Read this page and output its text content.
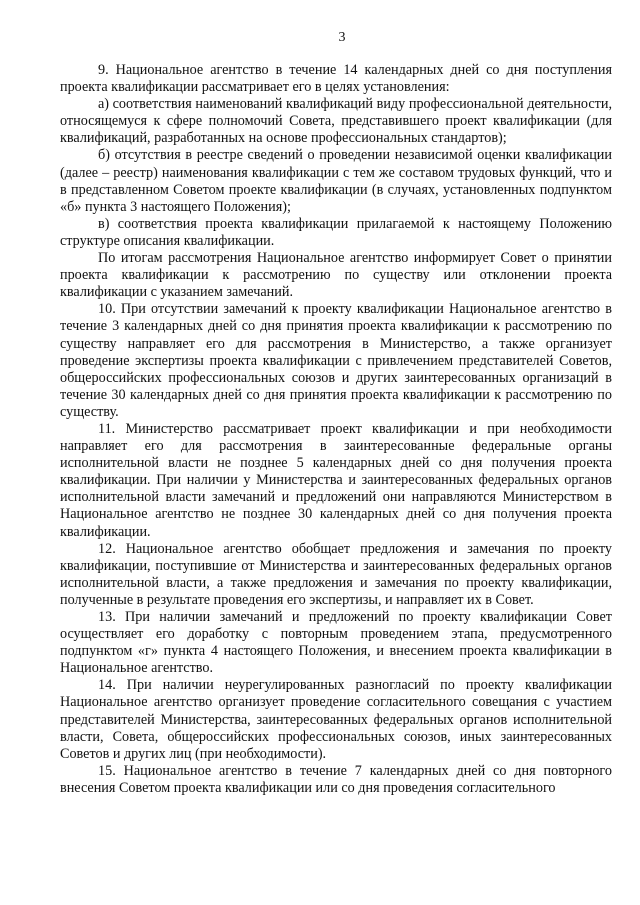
3

9. Национальное агентство в течение 14 календарных дней со дня поступления проекта квалификации рассматривает его в целях установления:

а) соответствия наименований квалификаций виду профессиональной деятельности, относящемуся к сфере полномочий Совета, представившего проект квалификации (для квалификаций, разработанных на основе профессиональных стандартов);

б) отсутствия в реестре сведений о проведении независимой оценки квалификации (далее – реестр) наименования квалификации с тем же составом трудовых функций, что и в представленном Советом проекте квалификации (в случаях, установленных подпунктом «б» пункта 3 настоящего Положения);

в) соответствия проекта квалификации прилагаемой к настоящему Положению структуре описания квалификации.

По итогам рассмотрения Национальное агентство информирует Совет о принятии проекта квалификации к рассмотрению по существу или отклонении проекта квалификации с указанием замечаний.

10. При отсутствии замечаний к проекту квалификации Национальное агентство в течение 3 календарных дней со дня принятия проекта квалификации к рассмотрению по существу направляет его для рассмотрения в Министерство, а также организует проведение экспертизы проекта квалификации с привлечением представителей Советов, общероссийских профессиональных союзов и других заинтересованных организаций в течение 30 календарных дней со дня принятия проекта квалификации к рассмотрению по существу.

11. Министерство рассматривает проект квалификации и при необходимости направляет его для рассмотрения в заинтересованные федеральные органы исполнительной власти не позднее 5 календарных дней со дня получения проекта квалификации. При наличии у Министерства и заинтересованных федеральных органов исполнительной власти замечаний и предложений они направляются Министерством в Национальное агентство не позднее 30 календарных дней со дня получения проекта квалификации.

12. Национальное агентство обобщает предложения и замечания по проекту квалификации, поступившие от Министерства и заинтересованных федеральных органов исполнительной власти, а также предложения и замечания по проекту квалификации, полученные в результате проведения его экспертизы, и направляет их в Совет.

13. При наличии замечаний и предложений по проекту квалификации Совет осуществляет его доработку с повторным проведением этапа, предусмотренного подпунктом «г» пункта 4 настоящего Положения, и внесением проекта квалификации в Национальное агентство.

14. При наличии неурегулированных разногласий по проекту квалификации Национальное агентство организует проведение согласительного совещания с участием представителей Министерства, заинтересованных федеральных органов исполнительной власти, Совета, общероссийских профессиональных союзов, иных заинтересованных Советов и других лиц (при необходимости).

15. Национальное агентство в течение 7 календарных дней со дня повторного внесения Советом проекта квалификации или со дня проведения согласительного
